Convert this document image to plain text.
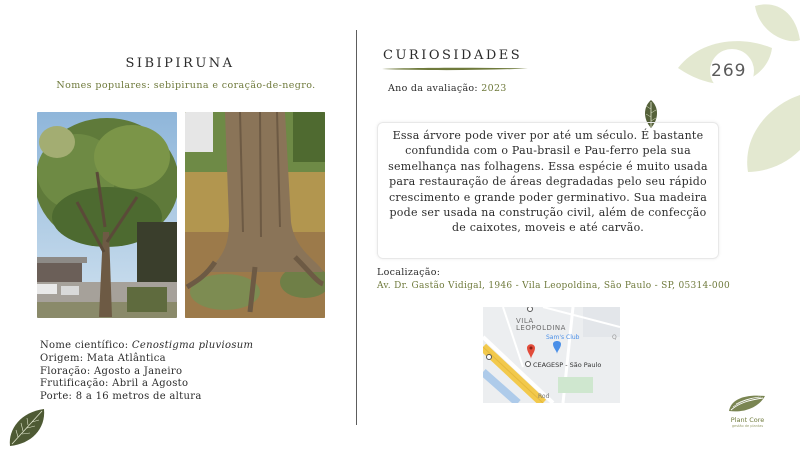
269
SIBIPIRUNA
Nomes populares: sebipiruna e coração-de-negro.
Nome científico: Cenostigma pluviosum
Origem: Mata Atlântica
Floração: Agosto a Janeiro
Frutificação: Abril a Agosto
Porte: 8 a 16 metros de altura
CURIOSIDADES
Ano da avaliação: 2023
Essa árvore pode viver por até um século. É bastante confundida com o Pau-brasil e Pau-ferro pela sua semelhança nas folhagens. Essa espécie é muito usada para restauração de áreas degradadas pelo seu rápido crescimento e grande poder germinativo. Sua madeira pode ser usada na construção civil, além de confecção de caixotes, moveis e até carvão.
Localização:
Av. Dr. Gastão Vidigal, 1946 - Vila Leopoldina, São Paulo - SP, 05314-000
VILA
LEOPOLDINA
Sam's Club
CEAGESP - São Paulo
Rod
Q
Plant Core
gestão de plantas
